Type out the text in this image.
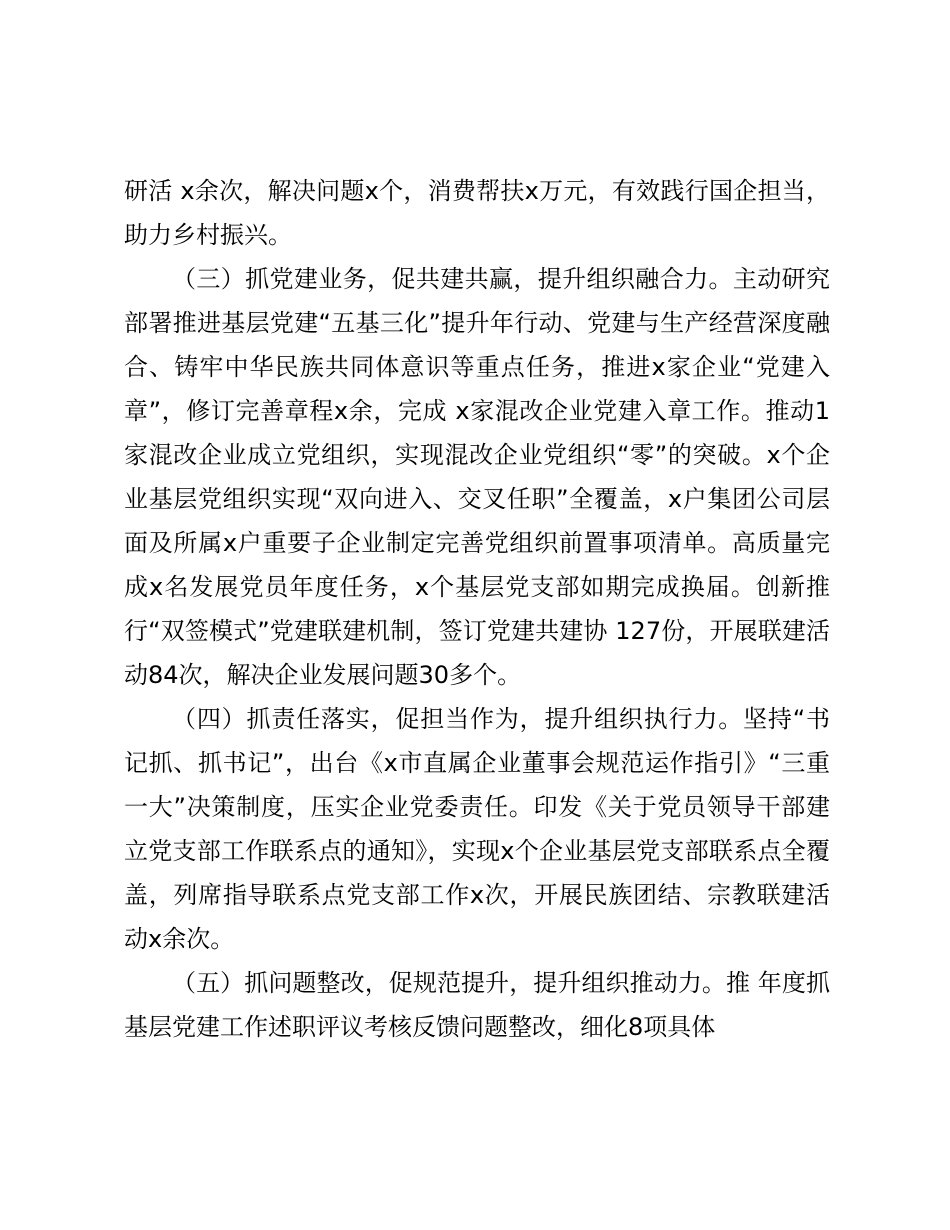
研活 x余次，解决问题x个，消费帮扶x万元，有效践行国企担当，助力乡村振兴。

（三）抓党建业务，促共建共赢，提升组织融合力。主动研究部署推进基层党建“五基三化”提升年行动、党建与生产经营深度融合、铸牢中华民族共同体意识等重点任务，推进x家企业“党建入章”，修订完善章程x余，完成 x家混改企业党建入章工作。推动1家混改企业成立党组织，实现混改企业党组织“零”的突破。x个企业基层党组织实现“双向进入、交叉任职”全覆盖，x户集团公司层面及所属x户重要子企业制定完善党组织前置事项清单。高质量完成x名发展党员年度任务，x个基层党支部如期完成换届。创新推行“双签模式”党建联建机制，签订党建共建协 127份，开展联建活动84次，解决企业发展问题30多个。

（四）抓责任落实，促担当作为，提升组织执行力。坚持“书记抓、抓书记”，出台《x市直属企业董事会规范运作指引》“三重一大”决策制度，压实企业党委责任。印发《关于党员领导干部建立党支部工作联系点的通知》，实现x个企业基层党支部联系点全覆盖，列席指导联系点党支部工作x次，开展民族团结、宗教联建活动x余次。

（五）抓问题整改，促规范提升，提升组织推动力。推 年度抓基层党建工作述职评议考核反馈问题整改，细化8项具体
